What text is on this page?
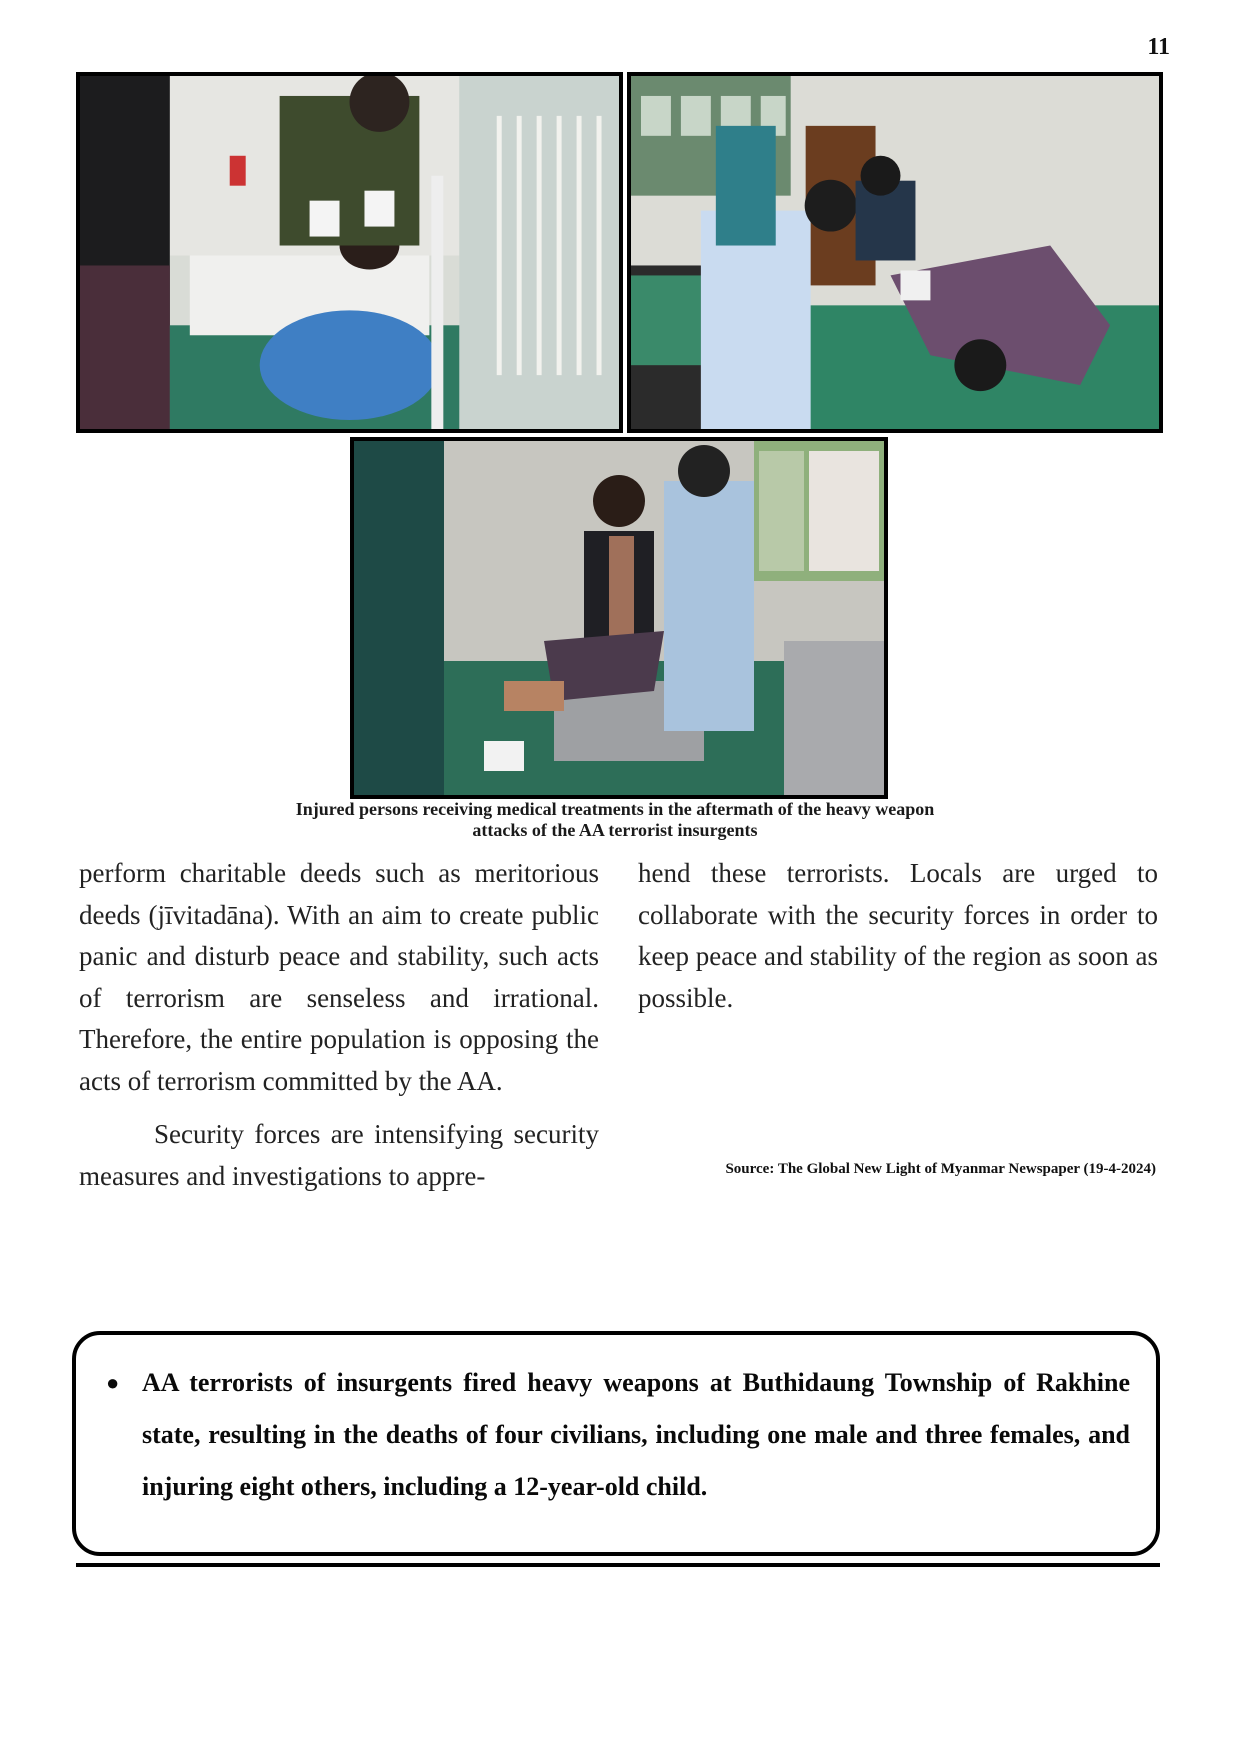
11
Injured persons receiving medical treatments in the aftermath of the heavy weapon
attacks of the AA terrorist insurgents

perform charitable deeds such as meritorious deeds (jīvitadāna). With an aim to create public panic and disturb peace and stability, such acts of terrorism are senseless and irrational. Therefore, the entire population is opposing the acts of terrorism committed by the AA.

Security forces are intensifying security measures and investigations to appre-

hend these terrorists. Locals are urged to collaborate with the security forces in order to keep peace and stability of the region as soon as possible.

Source: The Global New Light of Myanmar Newspaper (19-4-2024)
● AA terrorists of insurgents fired heavy weapons at Buthidaung Township of Rakhine state, resulting in the deaths of four civilians, including one male and three females, and injuring eight others, including a 12-year-old child.
